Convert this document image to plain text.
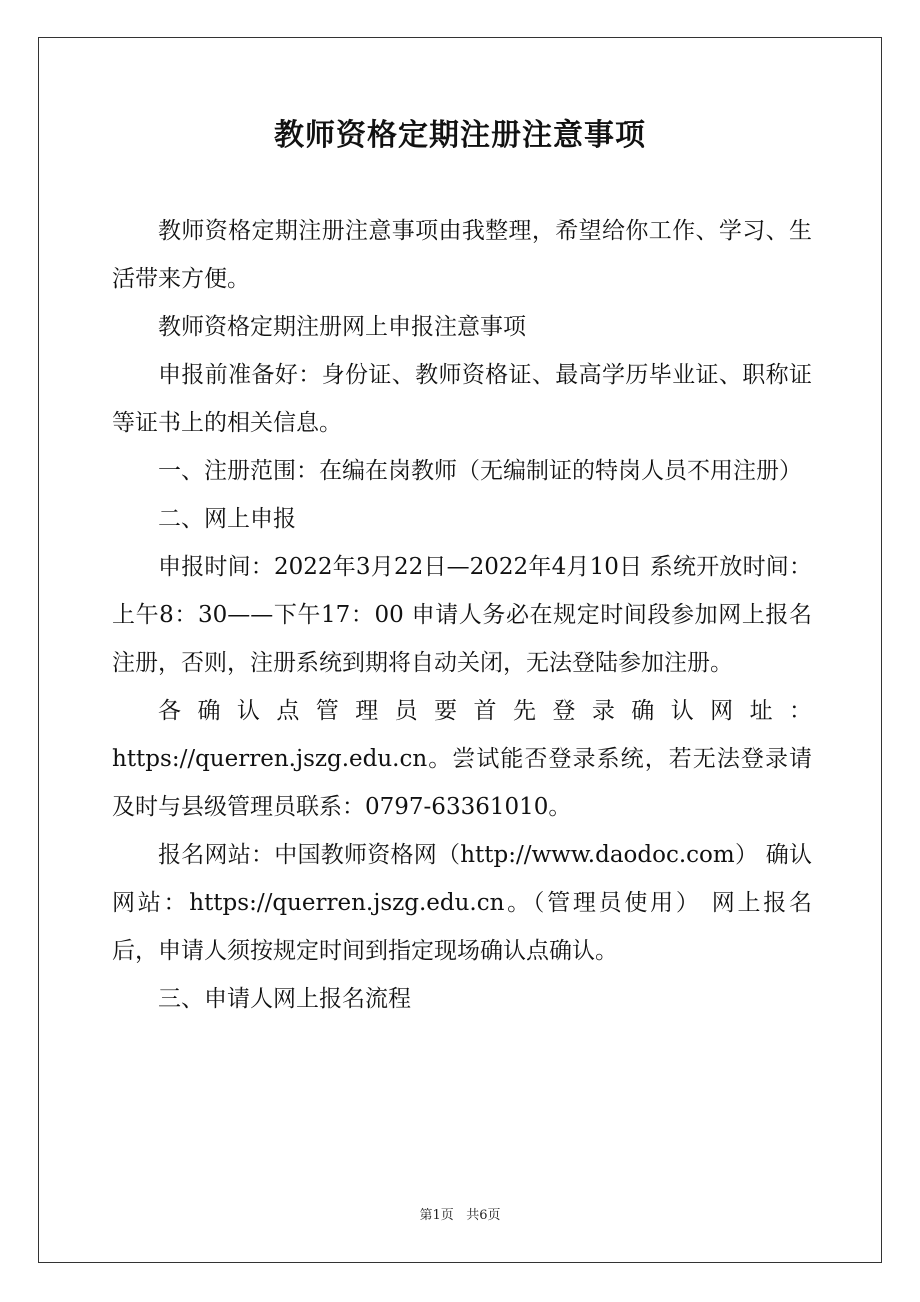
教师资格定期注册注意事项

教师资格定期注册注意事项由我整理，希望给你工作、学习、生活带来方便。

教师资格定期注册网上申报注意事项

申报前准备好：身份证、教师资格证、最高学历毕业证、职称证等证书上的相关信息。

一、注册范围：在编在岗教师（无编制证的特岗人员不用注册）

二、网上申报

申报时间：2022年3月22日—2022年4月10日 系统开放时间：上午8：30——下午17：00 申请人务必在规定时间段参加网上报名注册，否则，注册系统到期将自动关闭，无法登陆参加注册。

各确认点管理员要首先登录确认网址：https://querren.jszg.edu.cn。尝试能否登录系统，若无法登录请及时与县级管理员联系：0797-63361010。

报名网站：中国教师资格网（http://www.daodoc.com） 确认网站：https://querren.jszg.edu.cn。（管理员使用） 网上报名后，申请人须按规定时间到指定现场确认点确认。

三、申请人网上报名流程

第1页 共6页
